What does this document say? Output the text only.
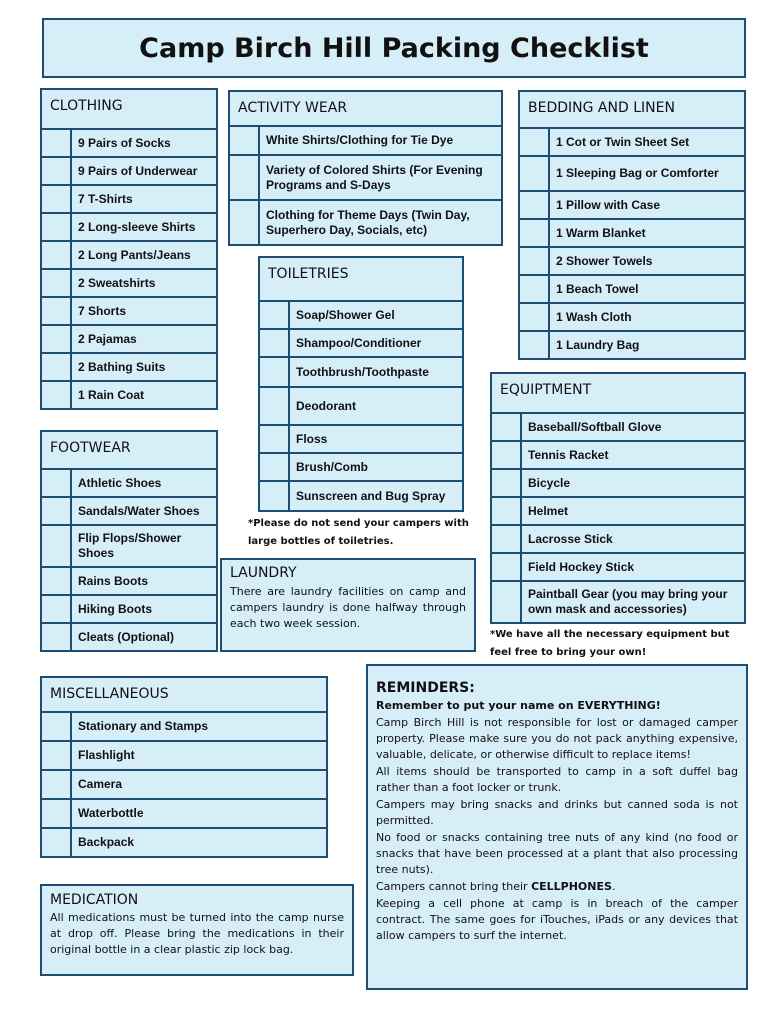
Camp Birch Hill Packing Checklist
CLOTHING
9 Pairs of Socks
9 Pairs of Underwear
7 T-Shirts
2 Long-sleeve Shirts
2 Long Pants/Jeans
2 Sweatshirts
7 Shorts
2 Pajamas
2 Bathing Suits
1 Rain Coat
ACTIVITY WEAR
White Shirts/Clothing for Tie Dye
Variety of Colored Shirts (For Evening Programs and S-Days
Clothing for Theme Days (Twin Day, Superhero Day, Socials, etc)
BEDDING AND LINEN
1 Cot or Twin Sheet Set
1 Sleeping Bag or Comforter
1 Pillow with Case
1 Warm Blanket
2 Shower Towels
1 Beach Towel
1 Wash Cloth
1 Laundry Bag
TOILETRIES
Soap/Shower Gel
Shampoo/Conditioner
Toothbrush/Toothpaste
Deodorant
Floss
Brush/Comb
Sunscreen and Bug Spray
*Please do not send your campers with large bottles of toiletries.
FOOTWEAR
Athletic Shoes
Sandals/Water Shoes
Flip Flops/Shower Shoes
Rains Boots
Hiking Boots
Cleats (Optional)
LAUNDRY
There are laundry facilities on camp and campers laundry is done halfway through each two week session.
EQUIPTMENT
Baseball/Softball Glove
Tennis Racket
Bicycle
Helmet
Lacrosse Stick
Field Hockey Stick
Paintball Gear (you may bring your own mask and accessories)
*We have all the necessary equipment but feel free to bring your own!
MISCELLANEOUS
Stationary and Stamps
Flashlight
Camera
Waterbottle
Backpack
MEDICATION
All medications must be turned into the camp nurse at drop off. Please bring the medications in their original bottle in a clear plastic zip lock bag.
REMINDERS:
Remember to put your name on EVERYTHING!
Camp Birch Hill is not responsible for lost or damaged camper property. Please make sure you do not pack anything expensive, valuable, delicate, or otherwise difficult to replace items!
All items should be transported to camp in a soft duffel bag rather than a foot locker or trunk.
Campers may bring snacks and drinks but canned soda is not permitted.
No food or snacks containing tree nuts of any kind (no food or snacks that have been processed at a plant that also processing tree nuts).
Campers cannot bring their CELLPHONES.
Keeping a cell phone at camp is in breach of the camper contract. The same goes for iTouches, iPads or any devices that allow campers to surf the internet.
